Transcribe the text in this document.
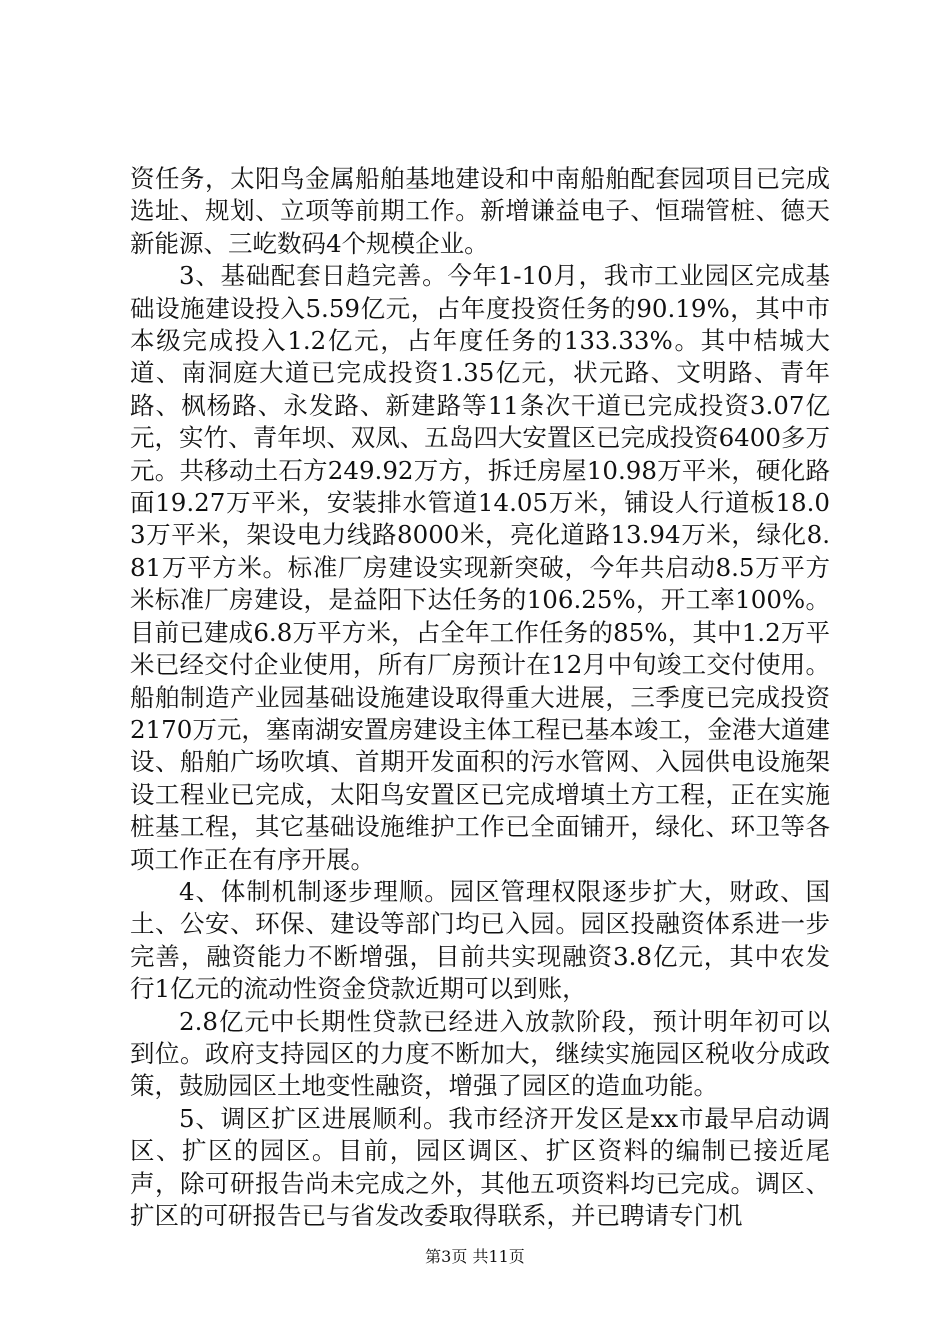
资任务，太阳鸟金属船舶基地建设和中南船舶配套园项目已完成选址、规划、立项等前期工作。新增谦益电子、恒瑞管桩、德天新能源、三屹数码4个规模企业。

3、基础配套日趋完善。今年1-10月，我市工业园区完成基础设施建设投入5.59亿元，占年度投资任务的90.19%，其中市本级完成投入1.2亿元，占年度任务的133.33%。其中桔城大道、南洞庭大道已完成投资1.35亿元，状元路、文明路、青年路、枫杨路、永发路、新建路等11条次干道已完成投资3.07亿元，实竹、青年坝、双凤、五岛四大安置区已完成投资6400多万元。共移动土石方249.92万方，拆迁房屋10.98万平米，硬化路面19.27万平米，安装排水管道14.05万米，铺设人行道板18.03万平米，架设电力线路8000米，亮化道路13.94万米，绿化8.81万平方米。标准厂房建设实现新突破，今年共启动8.5万平方米标准厂房建设，是益阳下达任务的106.25%，开工率100%。目前已建成6.8万平方米，占全年工作任务的85%，其中1.2万平米已经交付企业使用，所有厂房预计在12月中旬竣工交付使用。船舶制造产业园基础设施建设取得重大进展，三季度已完成投资2170万元，塞南湖安置房建设主体工程已基本竣工，金港大道建设、船舶广场吹填、首期开发面积的污水管网、入园供电设施架设工程业已完成，太阳鸟安置区已完成增填土方工程，正在实施桩基工程，其它基础设施维护工作已全面铺开，绿化、环卫等各项工作正在有序开展。

4、体制机制逐步理顺。园区管理权限逐步扩大，财政、国土、公安、环保、建设等部门均已入园。园区投融资体系进一步完善，融资能力不断增强，目前共实现融资3.8亿元，其中农发行1亿元的流动性资金贷款近期可以到账，

2.8亿元中长期性贷款已经进入放款阶段，预计明年初可以到位。政府支持园区的力度不断加大，继续实施园区税收分成政策，鼓励园区土地变性融资，增强了园区的造血功能。

5、调区扩区进展顺利。我市经济开发区是xx市最早启动调区、扩区的园区。目前，园区调区、扩区资料的编制已接近尾声，除可研报告尚未完成之外，其他五项资料均已完成。调区、扩区的可研报告已与省发改委取得联系，并已聘请专门机

第3页 共11页
